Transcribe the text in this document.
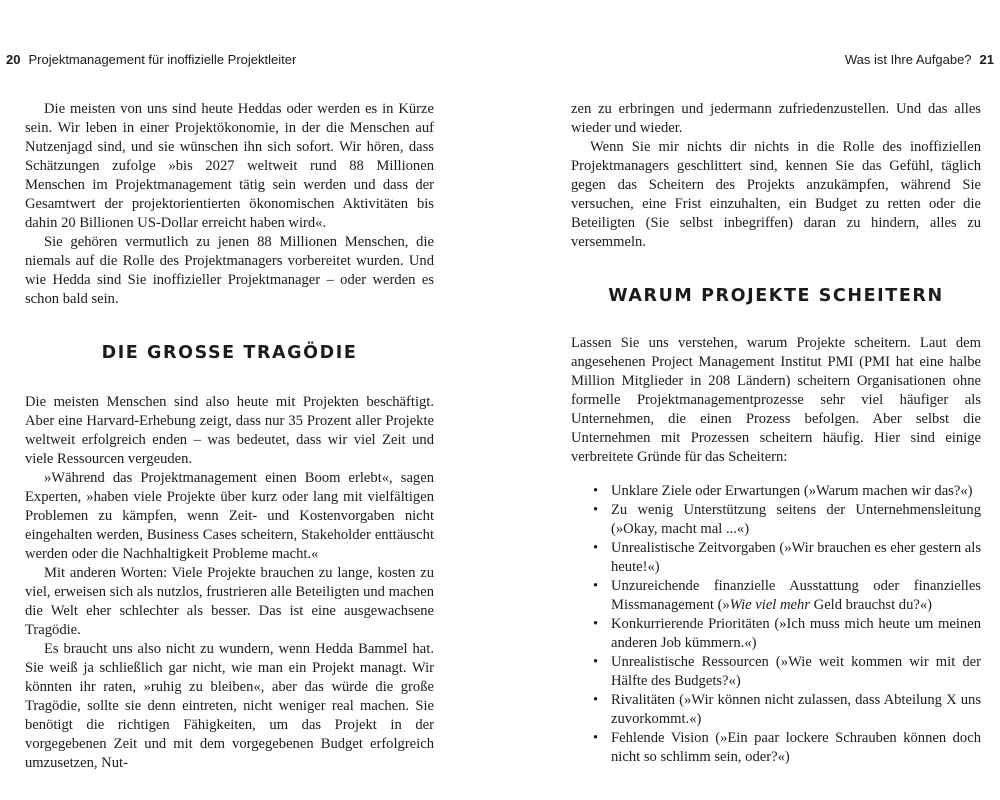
20 Projektmanagement für inoffizielle Projektleiter	Was ist Ihre Aufgabe? 21

Die meisten von uns sind heute Heddas oder werden es in Kürze sein. Wir leben in einer Projektökonomie, in der die Menschen auf Nutzenjagd sind, und sie wünschen ihn sich sofort. Wir hören, dass Schätzungen zufolge »bis 2027 weltweit rund 88 Millionen Menschen im Projektmanagement tätig sein werden und dass der Gesamtwert der projektorientierten ökonomischen Aktivitäten bis dahin 20 Billionen US-Dollar erreicht haben wird«.

Sie gehören vermutlich zu jenen 88 Millionen Menschen, die niemals auf die Rolle des Projektmanagers vorbereitet wurden. Und wie Hedda sind Sie inoffizieller Projektmanager – oder werden es schon bald sein.

DIE GROSSE TRAGÖDIE

Die meisten Menschen sind also heute mit Projekten beschäftigt. Aber eine Harvard-Erhebung zeigt, dass nur 35 Prozent aller Projekte weltweit erfolgreich enden – was bedeutet, dass wir viel Zeit und viele Ressourcen vergeuden.

»Während das Projektmanagement einen Boom erlebt«, sagen Experten, »haben viele Projekte über kurz oder lang mit vielfältigen Problemen zu kämpfen, wenn Zeit- und Kostenvorgaben nicht eingehalten werden, Business Cases scheitern, Stakeholder enttäuscht werden oder die Nachhaltigkeit Probleme macht.«

Mit anderen Worten: Viele Projekte brauchen zu lange, kosten zu viel, erweisen sich als nutzlos, frustrieren alle Beteiligten und machen die Welt eher schlechter als besser. Das ist eine ausgewachsene Tragödie.

Es braucht uns also nicht zu wundern, wenn Hedda Bammel hat. Sie weiß ja schließlich gar nicht, wie man ein Projekt managt. Wir könnten ihr raten, »ruhig zu bleiben«, aber das würde die große Tragödie, sollte sie denn eintreten, nicht weniger real machen. Sie benötigt die richtigen Fähigkeiten, um das Projekt in der vorgegebenen Zeit und mit dem vorgegebenen Budget erfolgreich umzusetzen, Nut-

zen zu erbringen und jedermann zufriedenzustellen. Und das alles wieder und wieder.

Wenn Sie mir nichts dir nichts in die Rolle des inoffiziellen Projektmanagers geschlittert sind, kennen Sie das Gefühl, täglich gegen das Scheitern des Projekts anzukämpfen, während Sie versuchen, eine Frist einzuhalten, ein Budget zu retten oder die Beteiligten (Sie selbst inbegriffen) daran zu hindern, alles zu versemmeln.

WARUM PROJEKTE SCHEITERN

Lassen Sie uns verstehen, warum Projekte scheitern. Laut dem angesehenen Project Management Institut PMI (PMI hat eine halbe Million Mitglieder in 208 Ländern) scheitern Organisationen ohne formelle Projektmanagementprozesse sehr viel häufiger als Unternehmen, die einen Prozess befolgen. Aber selbst die Unternehmen mit Prozessen scheitern häufig. Hier sind einige verbreitete Gründe für das Scheitern:

• Unklare Ziele oder Erwartungen (»Warum machen wir das?«)
• Zu wenig Unterstützung seitens der Unternehmensleitung (»Okay, macht mal ...«)
• Unrealistische Zeitvorgaben (»Wir brauchen es eher gestern als heute!«)
• Unzureichende finanzielle Ausstattung oder finanzielles Missmanagement (»Wie viel mehr Geld brauchst du?«)
• Konkurrierende Prioritäten (»Ich muss mich heute um meinen anderen Job kümmern.«)
• Unrealistische Ressourcen (»Wie weit kommen wir mit der Hälfte des Budgets?«)
• Rivalitäten (»Wir können nicht zulassen, dass Abteilung X uns zuvorkommt.«)
• Fehlende Vision (»Ein paar lockere Schrauben können doch nicht so schlimm sein, oder?«)
